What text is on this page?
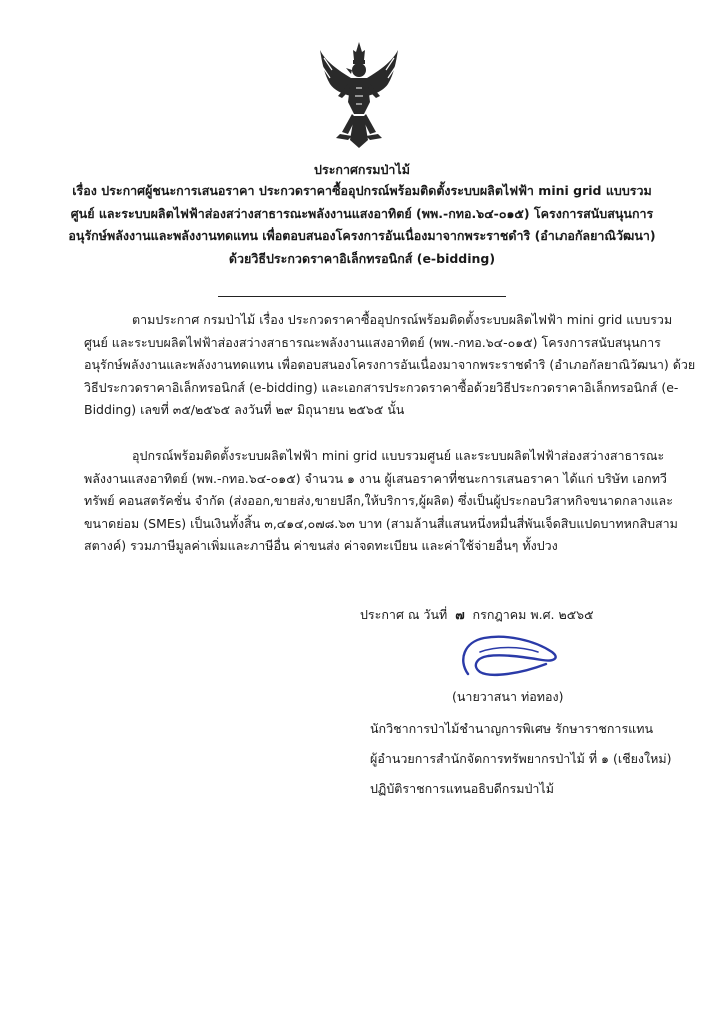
ประกาศกรมป่าไม้
เรื่อง ประกาศผู้ชนะการเสนอราคา ประกวดราคาซื้ออุปกรณ์พร้อมติดตั้งระบบผลิตไฟฟ้า mini grid แบบรวม
ศูนย์ และระบบผลิตไฟฟ้าส่องสว่างสาธารณะพลังงานแสงอาทิตย์ (พพ.-กทอ.๖๔-๐๑๕) โครงการสนับสนุนการ
อนุรักษ์พลังงานและพลังงานทดแทน เพื่อตอบสนองโครงการอันเนื่องมาจากพระราชดำริ (อำเภอกัลยาณิวัฒนา)
ด้วยวิธีประกวดราคาอิเล็กทรอนิกส์ (e-bidding)
ตามประกาศ กรมป่าไม้ เรื่อง ประกวดราคาซื้ออุปกรณ์พร้อมติดตั้งระบบผลิตไฟฟ้า mini grid แบบรวม
ศูนย์ และระบบผลิตไฟฟ้าส่องสว่างสาธารณะพลังงานแสงอาทิตย์ (พพ.-กทอ.๖๔-๐๑๕) โครงการสนับสนุนการ
อนุรักษ์พลังงานและพลังงานทดแทน เพื่อตอบสนองโครงการอันเนื่องมาจากพระราชดำริ (อำเภอกัลยาณิวัฒนา) ด้วย
วิธีประกวดราคาอิเล็กทรอนิกส์ (e-bidding) และเอกสารประกวดราคาซื้อด้วยวิธีประกวดราคาอิเล็กทรอนิกส์ (e-
Bidding) เลขที่ ๓๕/๒๕๖๕ ลงวันที่ ๒๙ มิถุนายน ๒๕๖๕ นั้น
อุปกรณ์พร้อมติดตั้งระบบผลิตไฟฟ้า mini grid แบบรวมศูนย์ และระบบผลิตไฟฟ้าส่องสว่างสาธารณะ
พลังงานแสงอาทิตย์ (พพ.-กทอ.๖๔-๐๑๕) จำนวน ๑ งาน ผู้เสนอราคาที่ชนะการเสนอราคา ได้แก่ บริษัท เอกทวี
ทรัพย์ คอนสตรัคชั่น จำกัด (ส่งออก,ขายส่ง,ขายปลีก,ให้บริการ,ผู้ผลิต) ซึ่งเป็นผู้ประกอบวิสาหกิจขนาดกลางและ
ขนาดย่อม (SMEs) เป็นเงินทั้งสิ้น ๓,๔๑๔,๐๗๘.๖๓ บาท (สามล้านสี่แสนหนึ่งหมื่นสี่พันเจ็ดสิบแปดบาทหกสิบสาม
สตางค์) รวมภาษีมูลค่าเพิ่มและภาษีอื่น ค่าขนส่ง ค่าจดทะเบียน และค่าใช้จ่ายอื่นๆ ทั้งปวง
ประกาศ ณ วันที่ ๗ กรกฎาคม พ.ศ. ๒๕๖๕
(นายวาสนา ท่อทอง)
นักวิชาการป่าไม้ชำนาญการพิเศษ รักษาราชการแทน
ผู้อำนวยการสำนักจัดการทรัพยากรป่าไม้ ที่ ๑ (เชียงใหม่)
ปฏิบัติราชการแทนอธิบดีกรมป่าไม้
